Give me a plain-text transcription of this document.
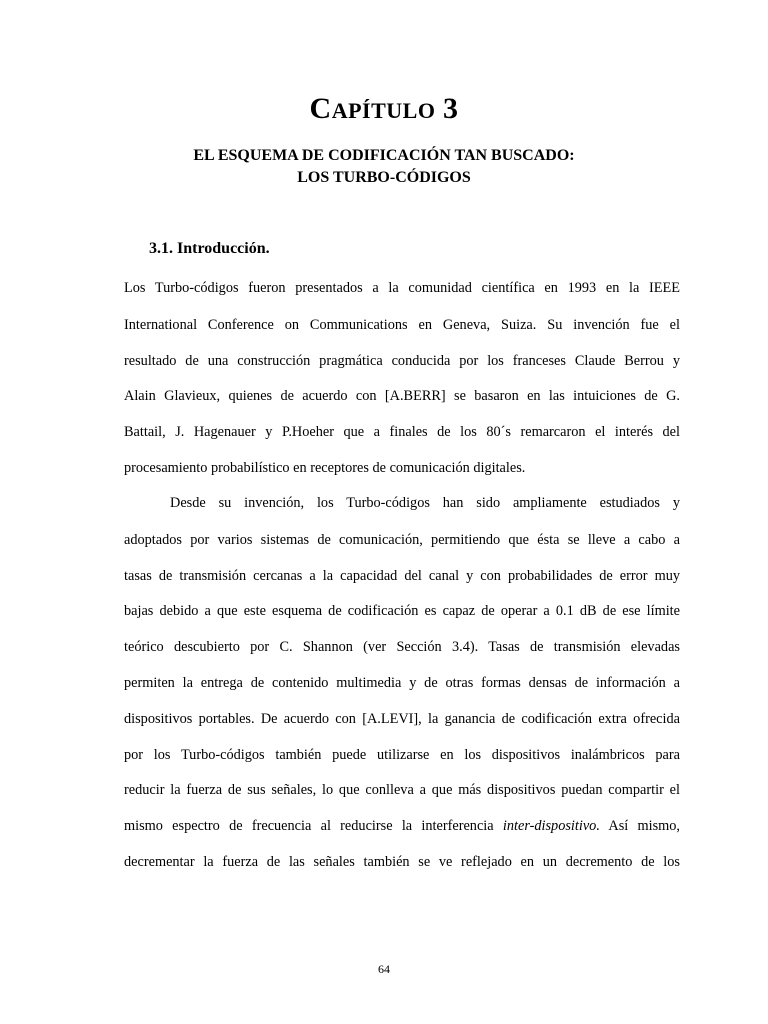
CAPÍTULO 3
EL ESQUEMA DE CODIFICACIÓN TAN BUSCADO:
LOS TURBO-CÓDIGOS
3.1. Introducción.
Los Turbo-códigos fueron presentados a la comunidad científica en 1993 en la IEEE
International Conference on Communications en Geneva, Suiza. Su invención fue el
resultado de una construcción pragmática conducida por los franceses Claude Berrou y
Alain Glavieux, quienes de acuerdo con [A.BERR] se basaron en las intuiciones de G.
Battail, J. Hagenauer y P.Hoeher que a finales de los 80´s remarcaron el interés del
procesamiento probabilístico en receptores de comunicación digitales.
Desde su invención, los Turbo-códigos han sido ampliamente estudiados y
adoptados por varios sistemas de comunicación, permitiendo que ésta se lleve a cabo a
tasas de transmisión cercanas a la capacidad del canal y con probabilidades de error muy
bajas debido a que este esquema de codificación es capaz de operar a 0.1 dB de ese límite
teórico descubierto por C. Shannon (ver Sección 3.4). Tasas de transmisión elevadas
permiten la entrega de contenido multimedia y de otras formas densas de información a
dispositivos portables. De acuerdo con [A.LEVI], la ganancia de codificación extra ofrecida
por los Turbo-códigos también puede utilizarse en los dispositivos inalámbricos para
reducir la fuerza de sus señales, lo que conlleva a que más dispositivos puedan compartir el
mismo espectro de frecuencia al reducirse la interferencia inter-dispositivo. Así mismo,
decrementar la fuerza de las señales también se ve reflejado en un decremento de los
64
